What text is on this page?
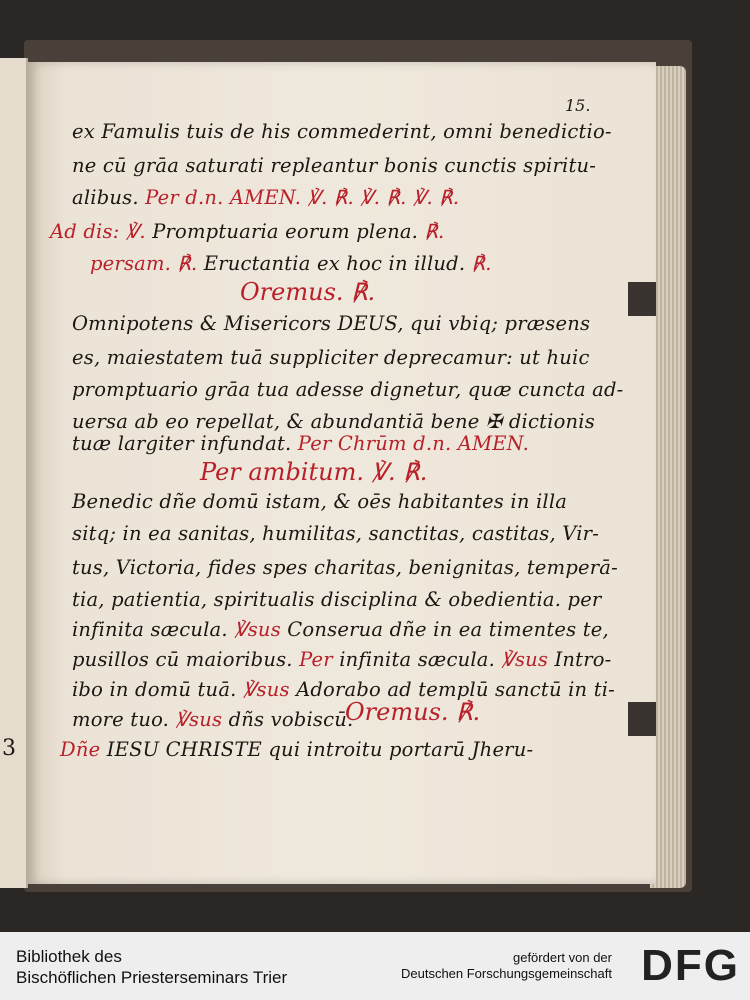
3
15.
ex Famulis tuis de his commederint, omni benedictio-
ne cū grāa saturati repleantur bonis cunctis spiritu-
alibus. Per d.n. AMEN. ℣. ℟. ℣. ℟. ℣. ℟.
Ad dis: ℣. Promptuaria eorum plena. ℟.
persam. ℟. Eructantia ex hoc in illud. ℟.
Oremus. ℟.
Omnipotens & Misericors DEUS, qui vbiq; præsens
es, maiestatem tuā suppliciter deprecamur: ut huic
promptuario grāa tua adesse dignetur, quæ cuncta ad-
uersa ab eo repellat, & abundantiā bene ✠ dictionis
tuæ largiter infundat. Per Chrūm d.n. AMEN.
Per ambitum. ℣. ℟.
Benedic dñe domū istam, & oēs habitantes in illa
sitq; in ea sanitas, humilitas, sanctitas, castitas, Vir-
tus, Victoria, fides spes charitas, benignitas, temperā-
tia, patientia, spiritualis disciplina & obedientia. per
infinita sæcula. ℣sus Conserua dñe in ea timentes te,
pusillos cū maioribus. Per infinita sæcula. ℣sus Intro-
ibo in domū tuā. ℣sus Adorabo ad templū sanctū in ti-
more tuo. ℣sus dñs vobiscū.
Oremus. ℟.
Dñe IESU CHRISTE qui introitu portarū Jheru-
Bibliothek des
Bischöflichen Priesterseminars Trier
gefördert von der
Deutschen Forschungsgemeinschaft DFG
